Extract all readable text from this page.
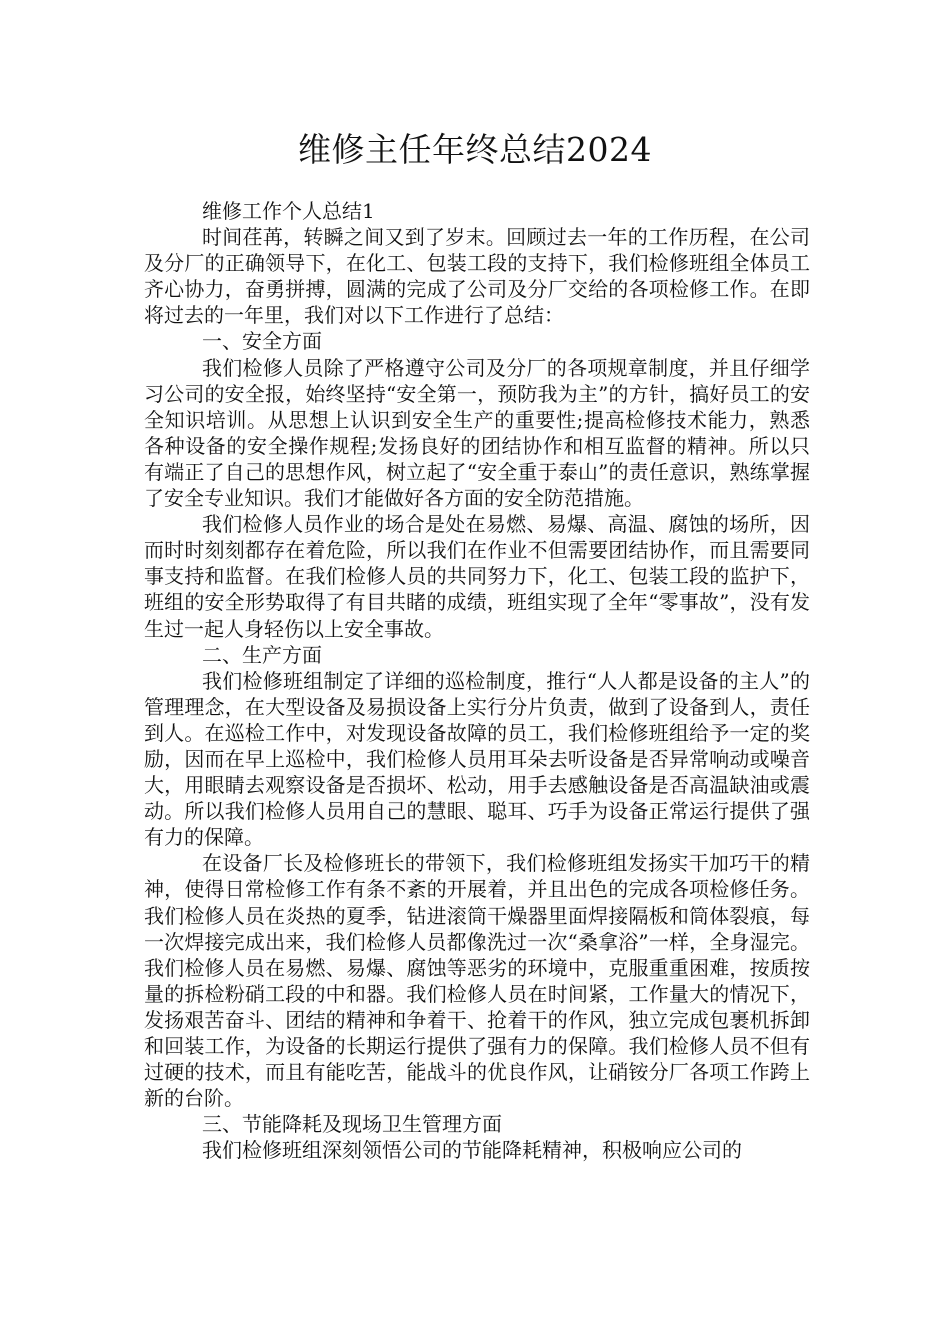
维修主任年终总结2024

维修工作个人总结1

时间荏苒，转瞬之间又到了岁末。回顾过去一年的工作历程，在公司及分厂的正确领导下，在化工、包装工段的支持下，我们检修班组全体员工齐心协力，奋勇拼搏，圆满的完成了公司及分厂交给的各项检修工作。在即将过去的一年里，我们对以下工作进行了总结：

一、安全方面

我们检修人员除了严格遵守公司及分厂的各项规章制度，并且仔细学习公司的安全报，始终坚持“安全第一，预防我为主”的方针，搞好员工的安全知识培训。从思想上认识到安全生产的重要性;提高检修技术能力，熟悉各种设备的安全操作规程;发扬良好的团结协作和相互监督的精神。所以只有端正了自己的思想作风，树立起了“安全重于泰山”的责任意识，熟练掌握了安全专业知识。我们才能做好各方面的安全防范措施。

我们检修人员作业的场合是处在易燃、易爆、高温、腐蚀的场所，因而时时刻刻都存在着危险，所以我们在作业不但需要团结协作，而且需要同事支持和监督。在我们检修人员的共同努力下，化工、包装工段的监护下，班组的安全形势取得了有目共睹的成绩，班组实现了全年“零事故”，没有发生过一起人身轻伤以上安全事故。

二、生产方面

我们检修班组制定了详细的巡检制度，推行“人人都是设备的主人”的管理理念，在大型设备及易损设备上实行分片负责，做到了设备到人，责任到人。在巡检工作中，对发现设备故障的员工，我们检修班组给予一定的奖励，因而在早上巡检中，我们检修人员用耳朵去听设备是否异常响动或噪音大，用眼睛去观察设备是否损坏、松动，用手去感触设备是否高温缺油或震动。所以我们检修人员用自己的慧眼、聪耳、巧手为设备正常运行提供了强有力的保障。

在设备厂长及检修班长的带领下，我们检修班组发扬实干加巧干的精神，使得日常检修工作有条不紊的开展着，并且出色的完成各项检修任务。我们检修人员在炎热的夏季，钻进滚筒干燥器里面焊接隔板和筒体裂痕，每一次焊接完成出来，我们检修人员都像洗过一次“桑拿浴”一样，全身湿完。我们检修人员在易燃、易爆、腐蚀等恶劣的环境中，克服重重困难，按质按量的拆检粉硝工段的中和器。我们检修人员在时间紧，工作量大的情况下，发扬艰苦奋斗、团结的精神和争着干、抢着干的作风，独立完成包裹机拆卸和回装工作，为设备的长期运行提供了强有力的保障。我们检修人员不但有过硬的技术，而且有能吃苦，能战斗的优良作风，让硝铵分厂各项工作跨上新的台阶。

三、节能降耗及现场卫生管理方面

我们检修班组深刻领悟公司的节能降耗精神，积极响应公司的
